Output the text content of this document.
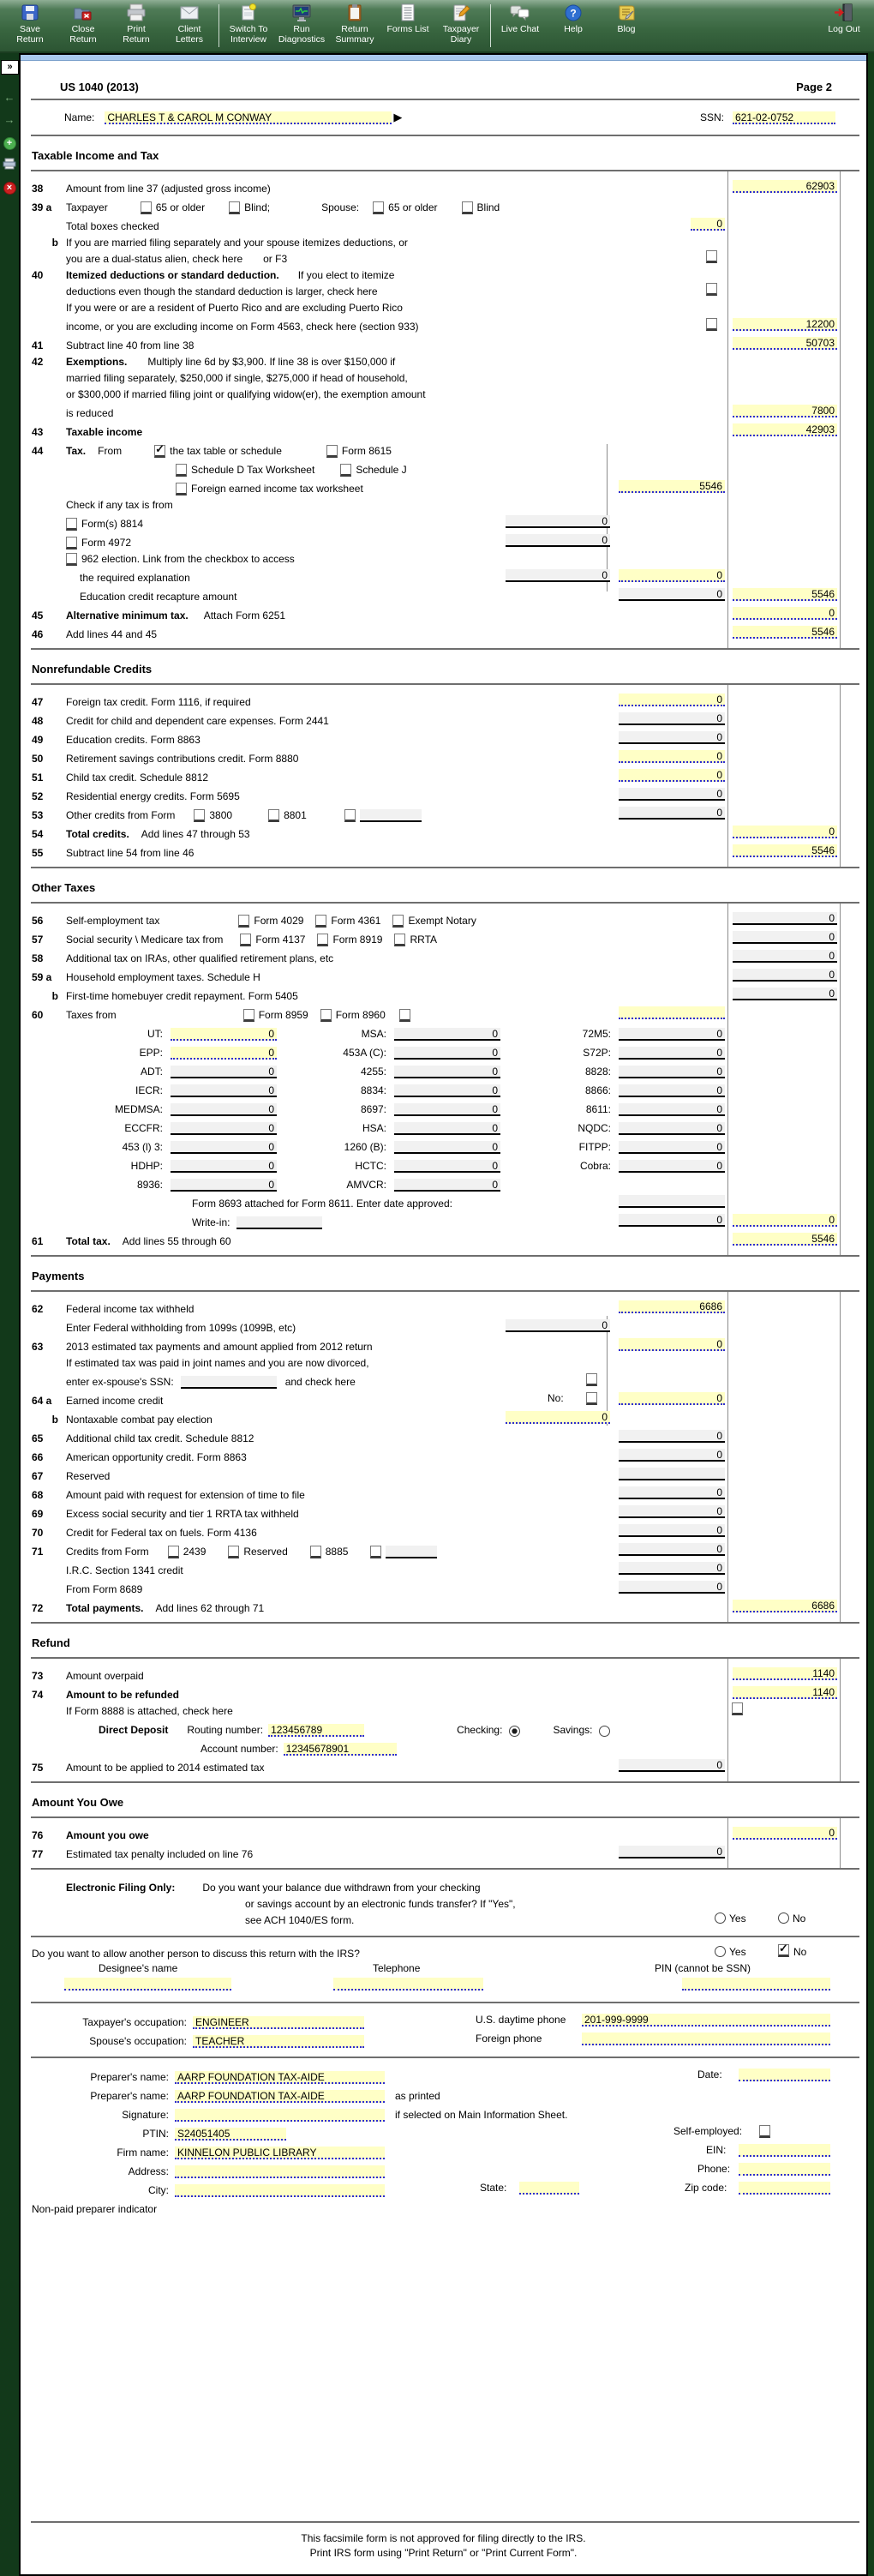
Save
Return
Close
Return
Print
Return
Client
Letters
Switch To
Interview
Run
Diagnostics
Return
Summary
Forms List	Taxpayer
Diary
Live Chat
?
Help	Blog	Log Out
»
←
→
+
×
US 1040 (2013)	Page 2
Name: CHARLES T & CAROL M CONWAY	▶	SSN: 621-02-0752
Taxable Income and Tax
38	Amount from line 37 (adjusted gross income)	62903
39 a	Taxpayer	65 or older	Blind;	Spouse:	65 or older	Blind
Total boxes checked	0
b If you are married filing separately and your spouse itemizes deductions, or
you are a dual-status alien, check here or F3
40	Itemized deductions or standard deduction. If you elect to itemize
deductions even though the standard deduction is larger, check here
If you were or are a resident of Puerto Rico and are excluding Puerto Rico
income, or you are excluding income on Form 4563, check here (section 933)	12200
41	Subtract line 40 from line 38	50703
42	Exemptions. Multiply line 6d by $3,900. If line 38 is over $150,000 if
married filing separately, $250,000 if single, $275,000 if head of household,
or $300,000 if married filing joint or qualifying widow(er), the exemption amount
is reduced	7800
43	Taxable income	42903
44	Tax. From ✓	the tax table or schedule	Form 8615
Schedule D Tax Worksheet	Schedule J
Foreign earned income tax worksheet	5546
Check if any tax is from
Form(s) 8814	0
Form 4972	0
962 election. Link from the checkbox to access
the required explanation	0	0
Education credit recapture amount	0	5546
45	Alternative minimum tax. Attach Form 6251	0
46	Add lines 44 and 45	5546
Nonrefundable Credits
47	Foreign tax credit. Form 1116, if required	0
48	Credit for child and dependent care expenses. Form 2441	0
49	Education credits. Form 8863	0
50	Retirement savings contributions credit. Form 8880	0
51	Child tax credit. Schedule 8812	0
52	Residential energy credits. Form 5695	0
53	Other credits from Form	3800	8801	0
54	Total credits. Add lines 47 through 53	0
55	Subtract line 54 from line 46	5546
Other Taxes
56	Self-employment tax	Form 4029	Form 4361	Exempt Notary	0
57	Social security \ Medicare tax from	Form 4137	Form 8919	RRTA	0
58	Additional tax on IRAs, other qualified retirement plans, etc	0
59 a	Household employment taxes. Schedule H	0
b First-time homebuyer credit repayment. Form 5405	0
60	Taxes from	Form 8959	Form 8960
UT:	0	MSA:	0	72M5:	0
EPP:	0	453A (C):	0	S72P:	0
ADT:	0	4255:	0	8828:	0
IECR:	0	8834:	0	8866:	0
MEDMSA:	0	8697:	0	8611:	0
ECCFR:	0	HSA:	0	NQDC:	0
453 (l) 3:	0	1260 (B):	0	FITPP:	0
HDHP:	0	HCTC:	0	Cobra:	0
8936:	0	AMVCR:	0
Form 8693 attached for Form 8611. Enter date approved:
Write-in:	0	0
61	Total tax. Add lines 55 through 60	5546
Payments
62	Federal income tax withheld	6686
Enter Federal withholding from 1099s (1099B, etc)	0
63	2013 estimated tax payments and amount applied from 2012 return	0
If estimated tax was paid in joint names and you are now divorced,
enter ex-spouse's SSN:	and check here
64 a	Earned income credit	No:	0
b Nontaxable combat pay election	0
65	Additional child tax credit. Schedule 8812	0
66	American opportunity credit. Form 8863	0
67	Reserved
68	Amount paid with request for extension of time to file	0
69	Excess social security and tier 1 RRTA tax withheld	0
70	Credit for Federal tax on fuels. Form 4136	0
71	Credits from Form	2439	Reserved	8885	0
I.R.C. Section 1341 credit	0
From Form 8689	0
72	Total payments. Add lines 62 through 71	6686
Refund
73	Amount overpaid	1140
74	Amount to be refunded	1140
If Form 8888 is attached, check here
Direct Deposit Routing number: 123456789	Checking:	Savings:
Account number: 12345678901
75	Amount to be applied to 2014 estimated tax	0
Amount You Owe
76	Amount you owe	0
77	Estimated tax penalty included on line 76	0
Electronic Filing Only:	Do you want your balance due withdrawn from your checking
or savings account by an electronic funds transfer? If "Yes",
see ACH 1040/ES form.	Yes	No
Do you want to allow another person to discuss this return with the IRS?	Yes ✓	No
Designee's name	Telephone	PIN (cannot be SSN)
Taxpayer's occupation: ENGINEER	U.S. daytime phone 201-999-9999
Spouse's occupation: TEACHER	Foreign phone
Preparer's name: AARP FOUNDATION TAX-AIDE	Date:
Preparer's name: AARP FOUNDATION TAX-AIDE	as printed
Signature:	if selected on Main Information Sheet.
PTIN: S24051405	Self-employed:
Firm name: KINNELON PUBLIC LIBRARY	EIN:
Address:	Phone:
City:	State:	Zip code:
Non-paid preparer indicator
This facsimile form is not approved for filing directly to the IRS.
Print IRS form using "Print Return" or "Print Current Form".
